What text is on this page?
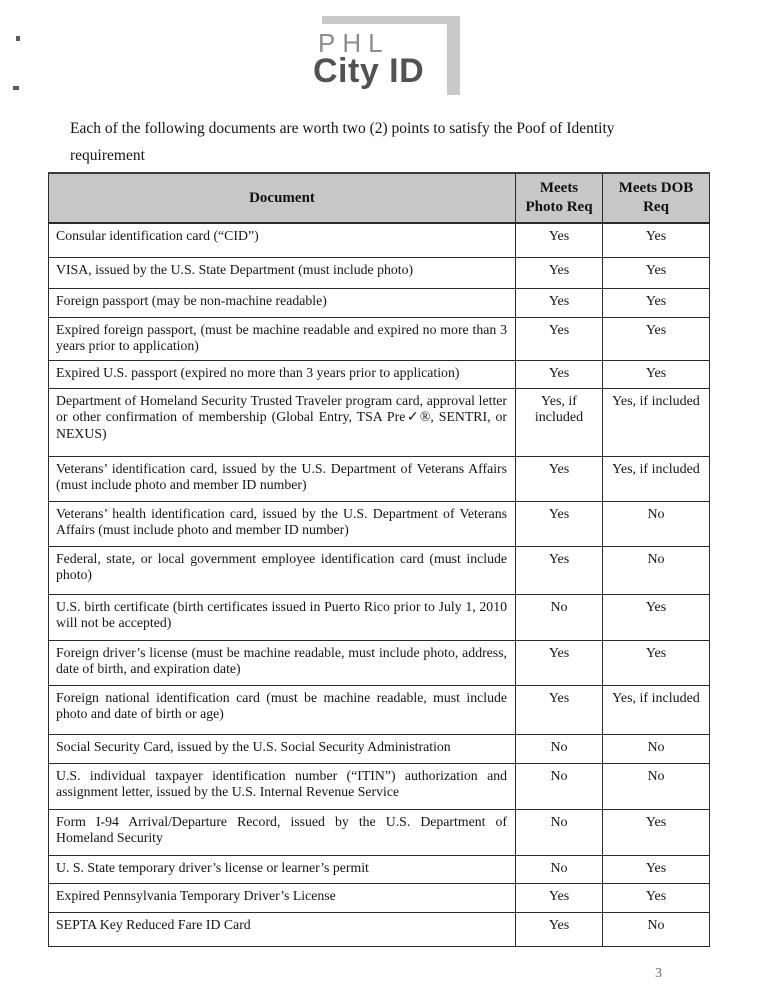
PHL
City ID
Each of the following documents are worth two (2) points to satisfy the Poof of Identity requirement
Document	Meets Photo Req	Meets DOB Req
Consular identification card (“CID”)	Yes	Yes
VISA, issued by the U.S. State Department (must include photo)	Yes	Yes
Foreign passport (may be non-machine readable)	Yes	Yes
Expired foreign passport, (must be machine readable and expired no more than 3 years prior to application)	Yes	Yes
Expired U.S. passport (expired no more than 3 years prior to application)	Yes	Yes
Department of Homeland Security Trusted Traveler program card, approval letter or other confirmation of membership (Global Entry, TSA Pre✓®, SENTRI, or NEXUS)	Yes, if included	Yes, if included
Veterans’ identification card, issued by the U.S. Department of Veterans Affairs (must include photo and member ID number)	Yes	Yes, if included
Veterans’ health identification card, issued by the U.S. Department of Veterans Affairs (must include photo and member ID number)	Yes	No
Federal, state, or local government employee identification card (must include photo)	Yes	No
U.S. birth certificate (birth certificates issued in Puerto Rico prior to July 1, 2010 will not be accepted)	No	Yes
Foreign driver’s license (must be machine readable, must include photo, address, date of birth, and expiration date)	Yes	Yes
Foreign national identification card (must be machine readable, must include photo and date of birth or age)	Yes	Yes, if included
Social Security Card, issued by the U.S. Social Security Administration	No	No
U.S. individual taxpayer identification number (“ITIN”) authorization and assignment letter, issued by the U.S. Internal Revenue Service	No	No
Form I-94 Arrival/Departure Record, issued by the U.S. Department of Homeland Security	No	Yes
U. S. State temporary driver’s license or learner’s permit	No	Yes
Expired Pennsylvania Temporary Driver’s License	Yes	Yes
SEPTA Key Reduced Fare ID Card	Yes	No
3
